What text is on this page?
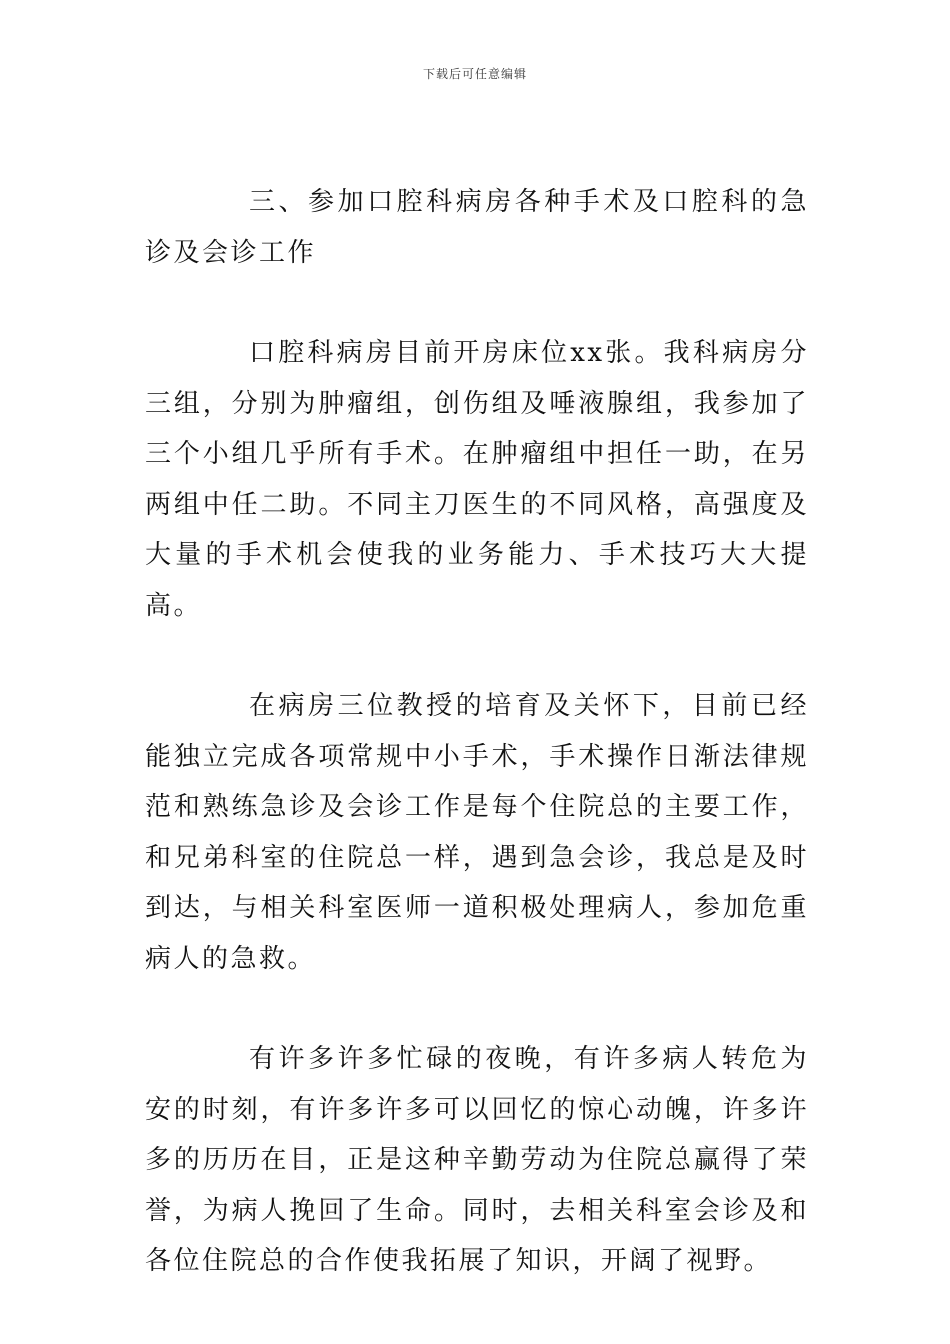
下载后可任意编辑

三、参加口腔科病房各种手术及口腔科的急诊及会诊工作

口腔科病房目前开房床位xx张。我科病房分三组，分别为肿瘤组，创伤组及唾液腺组，我参加了三个小组几乎所有手术。在肿瘤组中担任一助，在另两组中任二助。不同主刀医生的不同风格，高强度及大量的手术机会使我的业务能力、手术技巧大大提高。

在病房三位教授的培育及关怀下，目前已经能独立完成各项常规中小手术，手术操作日渐法律规范和熟练急诊及会诊工作是每个住院总的主要工作，和兄弟科室的住院总一样，遇到急会诊，我总是及时到达，与相关科室医师一道积极处理病人，参加危重病人的急救。

有许多许多忙碌的夜晚，有许多病人转危为安的时刻，有许多许多可以回忆的惊心动魄，许多许多的历历在目，正是这种辛勤劳动为住院总赢得了荣誉，为病人挽回了生命。同时，去相关科室会诊及和各位住院总的合作使我拓展了知识，开阔了视野。
